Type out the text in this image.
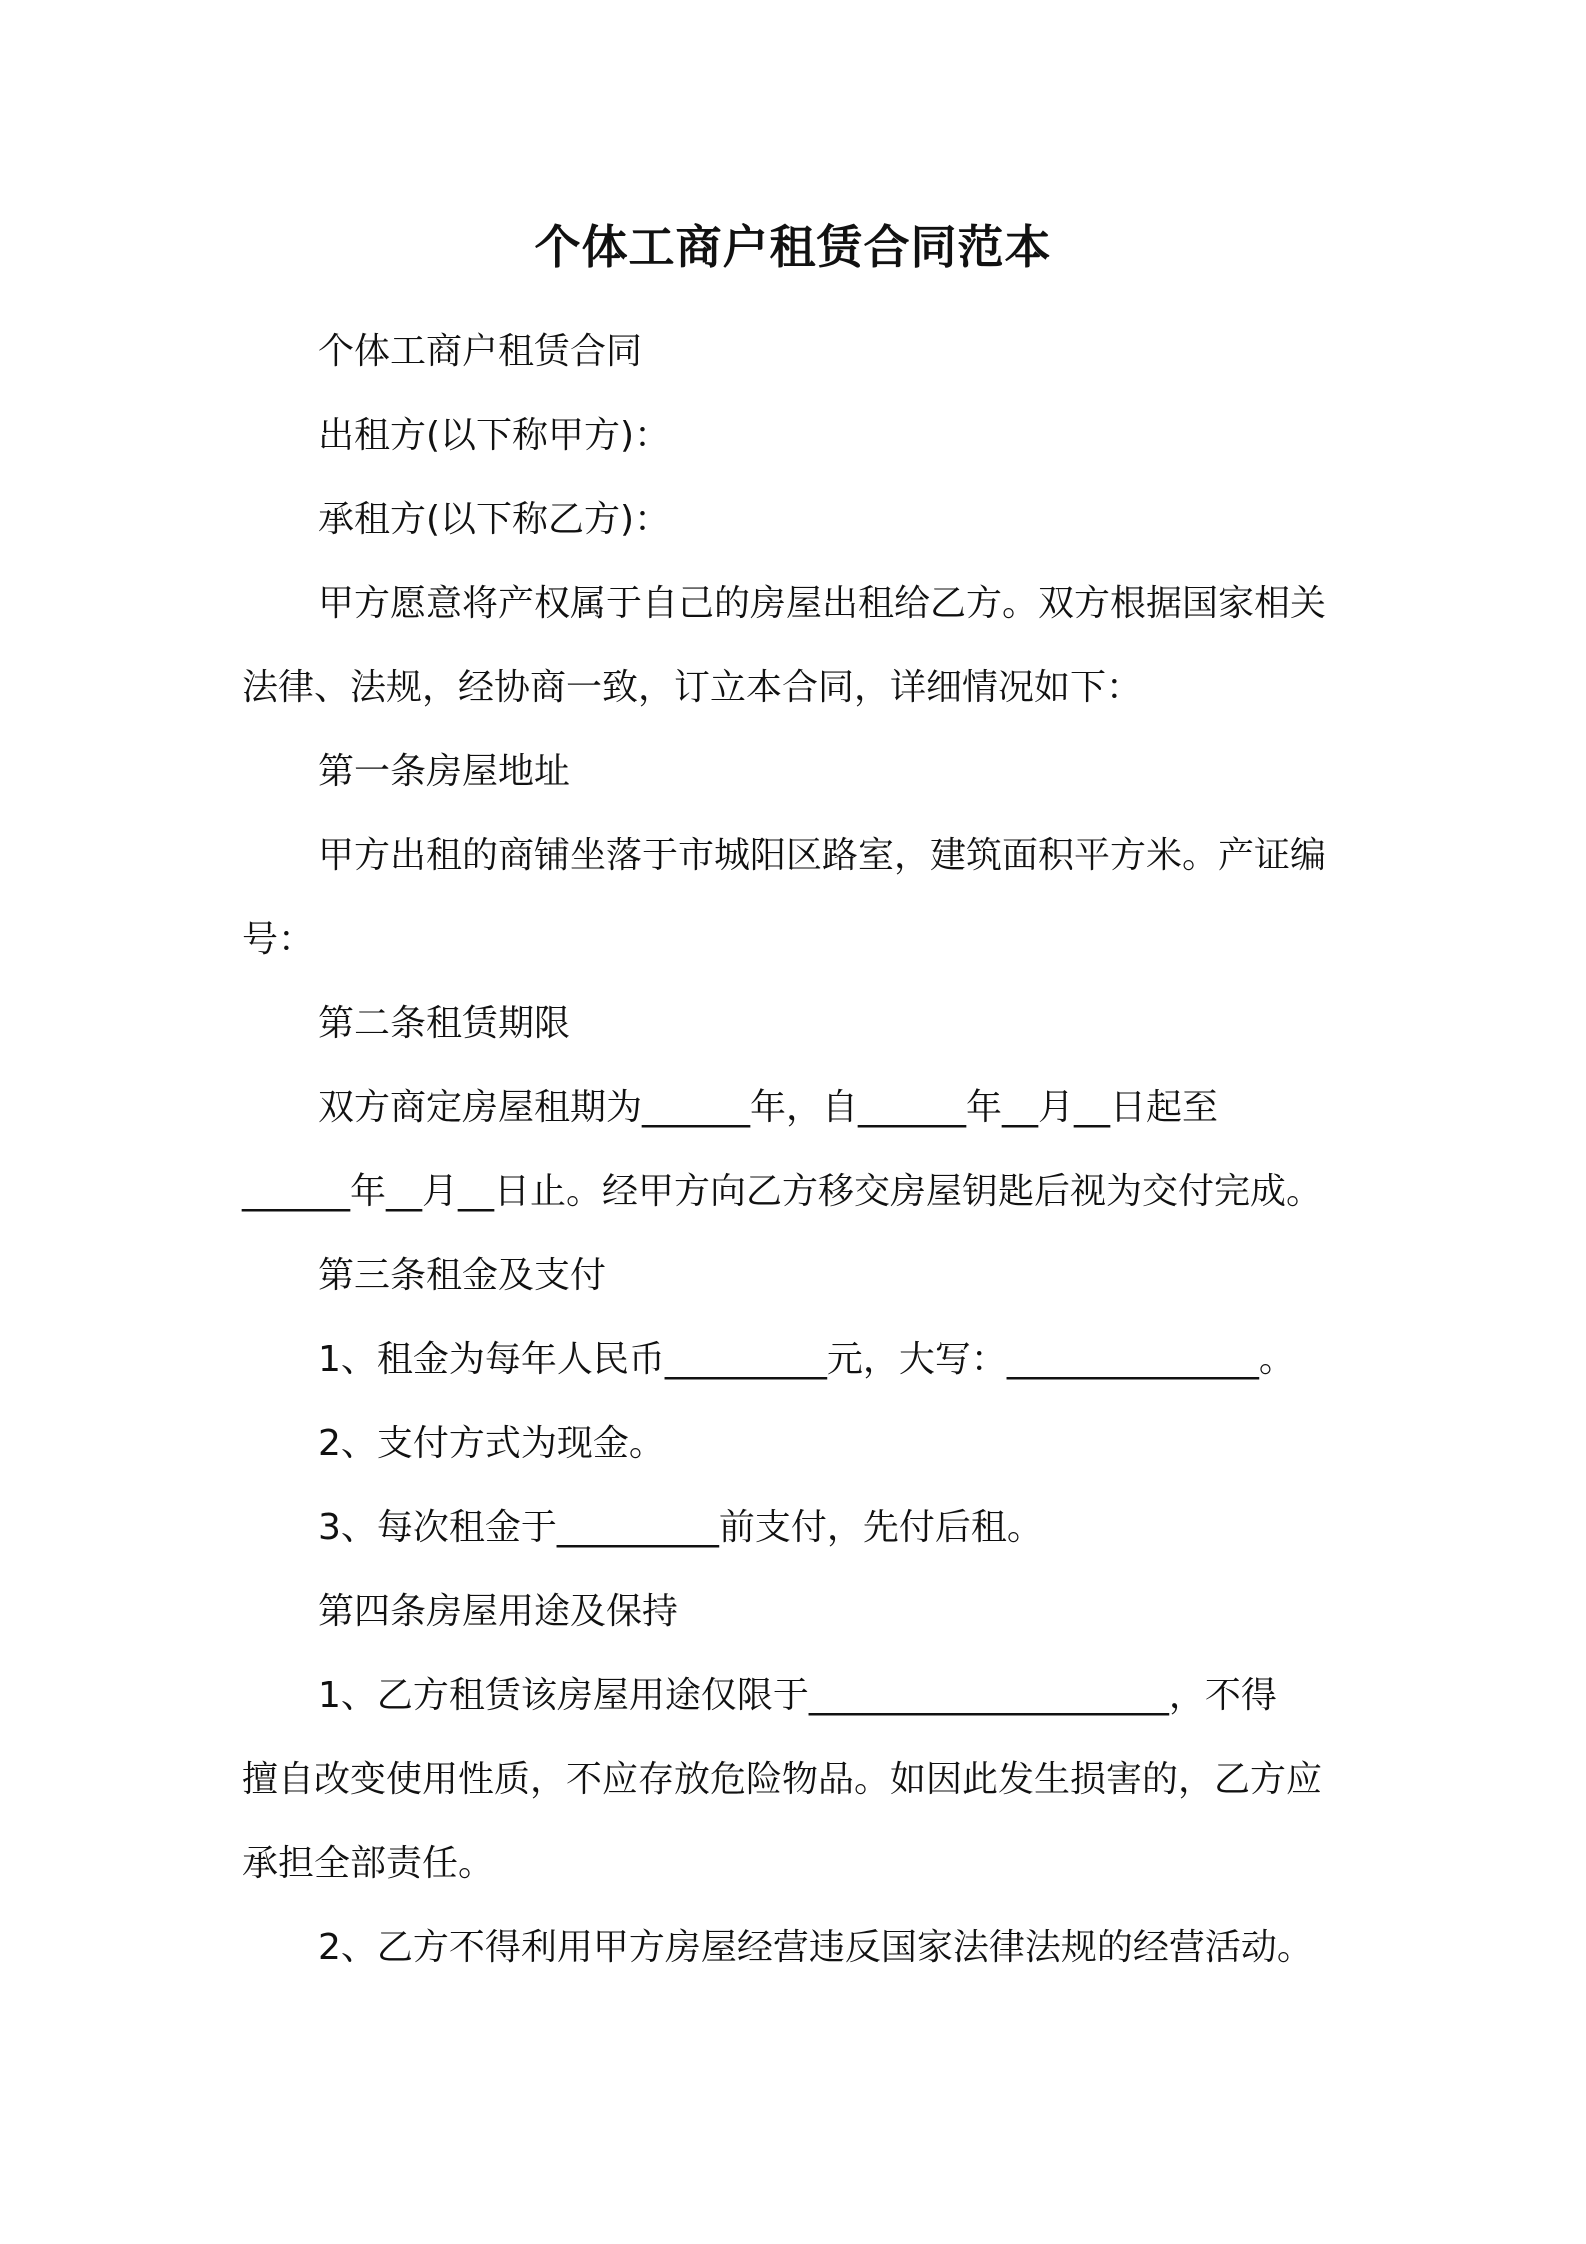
个体工商户租赁合同范本
个体工商户租赁合同
出租方(以下称甲方)：
承租方(以下称乙方)：
甲方愿意将产权属于自己的房屋出租给乙方。双方根据国家相关
法律、法规，经协商一致，订立本合同，详细情况如下：
第一条房屋地址
甲方出租的商铺坐落于市城阳区路室，建筑面积平方米。产证编
号：
第二条租赁期限
双方商定房屋租期为______年，自______年__月__日起至
______年__月__日止。经甲方向乙方移交房屋钥匙后视为交付完成。
第三条租金及支付
1、租金为每年人民币_________元，大写：______________。
2、支付方式为现金。
3、每次租金于_________前支付，先付后租。
第四条房屋用途及保持
1、乙方租赁该房屋用途仅限于____________________，不得
擅自改变使用性质，不应存放危险物品。如因此发生损害的，乙方应
承担全部责任。
2、乙方不得利用甲方房屋经营违反国家法律法规的经营活动。
